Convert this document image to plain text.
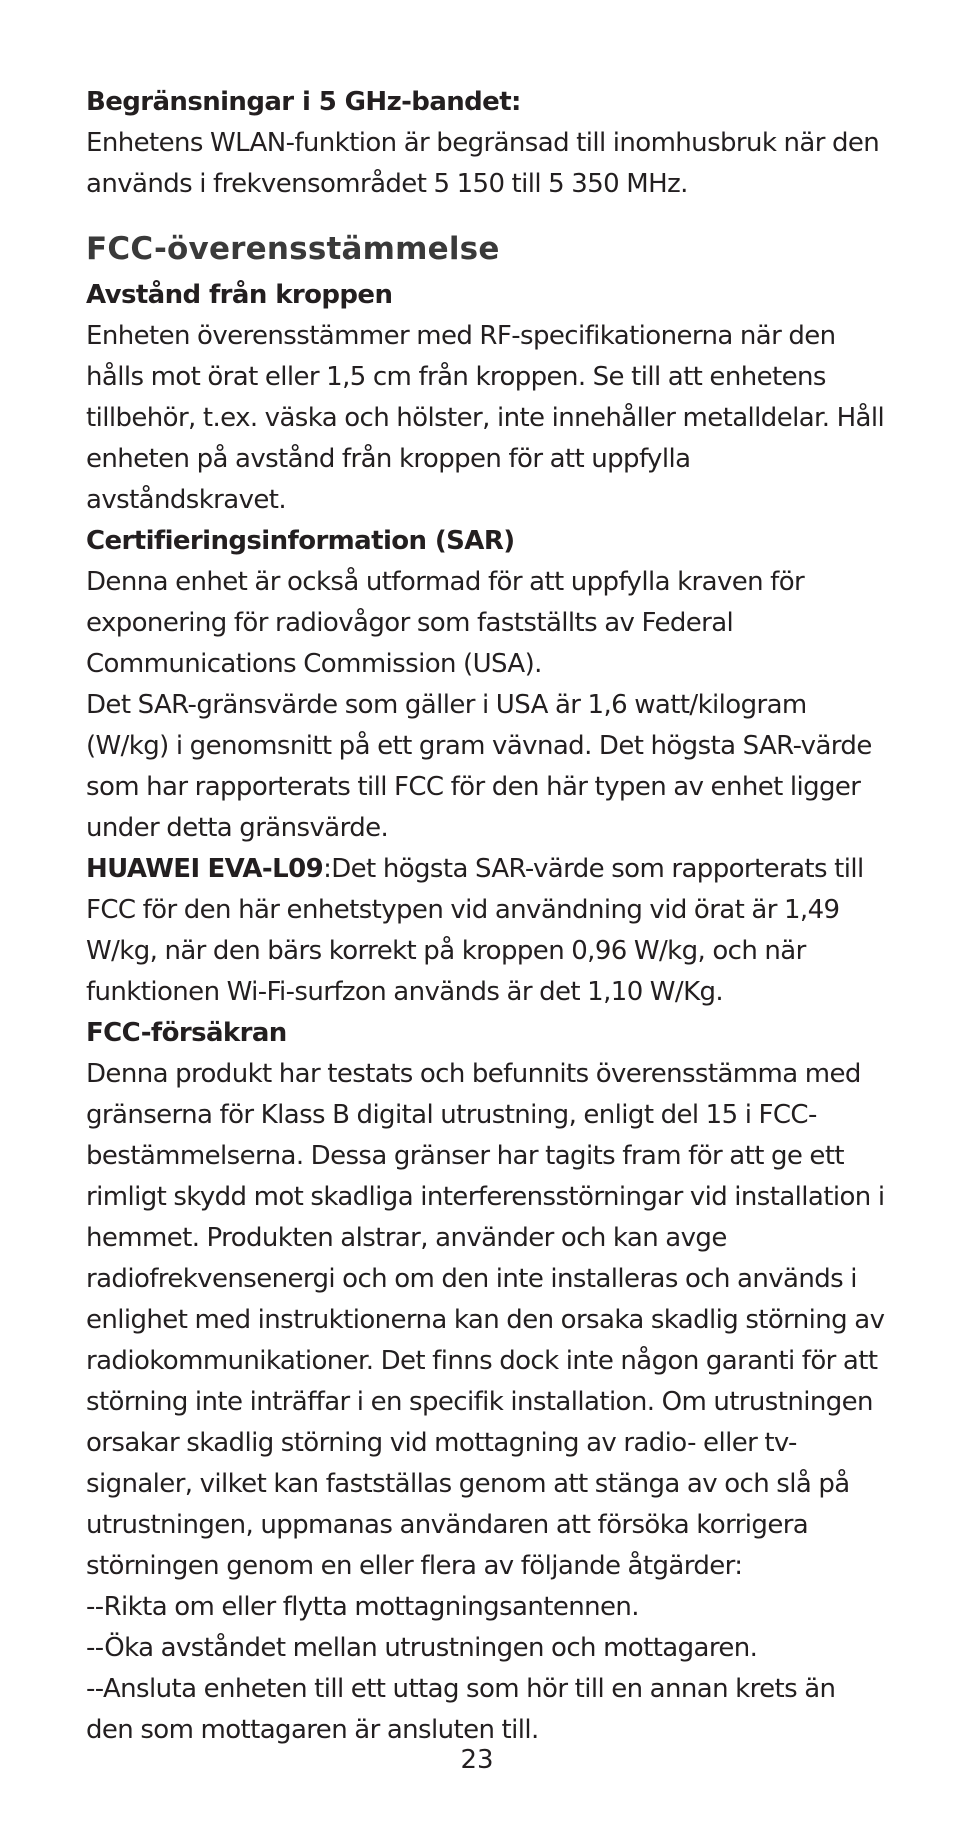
Begränsningar i 5 GHz-bandet:

Enhetens WLAN-funktion är begränsad till inomhusbruk när den används i frekvensområdet 5 150 till 5 350 MHz.

FCC-överensstämmelse

Avstånd från kroppen

Enheten överensstämmer med RF-specifikationerna när den hålls mot örat eller 1,5 cm från kroppen. Se till att enhetens tillbehör, t.ex. väska och hölster, inte innehåller metalldelar. Håll enheten på avstånd från kroppen för att uppfylla avståndskravet.

Certifieringsinformation (SAR)

Denna enhet är också utformad för att uppfylla kraven för exponering för radiovågor som fastställts av Federal Communications Commission (USA).

Det SAR-gränsvärde som gäller i USA är 1,6 watt/kilogram (W/kg) i genomsnitt på ett gram vävnad. Det högsta SAR-värde som har rapporterats till FCC för den här typen av enhet ligger under detta gränsvärde.

HUAWEI EVA-L09:Det högsta SAR-värde som rapporterats till FCC för den här enhetstypen vid användning vid örat är 1,49 W/kg, när den bärs korrekt på kroppen 0,96 W/kg, och när funktionen Wi-Fi-surfzon används är det 1,10 W/Kg.

FCC-försäkran

Denna produkt har testats och befunnits överensstämma med gränserna för Klass B digital utrustning, enligt del 15 i FCC-bestämmelserna. Dessa gränser har tagits fram för att ge ett rimligt skydd mot skadliga interferensstörningar vid installation i hemmet. Produkten alstrar, använder och kan avge radiofrekvensenergi och om den inte installeras och används i enlighet med instruktionerna kan den orsaka skadlig störning av radiokommunikationer. Det finns dock inte någon garanti för att störning inte inträffar i en specifik installation. Om utrustningen orsakar skadlig störning vid mottagning av radio- eller tv-signaler, vilket kan fastställas genom att stänga av och slå på utrustningen, uppmanas användaren att försöka korrigera störningen genom en eller flera av följande åtgärder:

--Rikta om eller flytta mottagningsantennen.

--Öka avståndet mellan utrustningen och mottagaren.

--Ansluta enheten till ett uttag som hör till en annan krets än den som mottagaren är ansluten till.

23
